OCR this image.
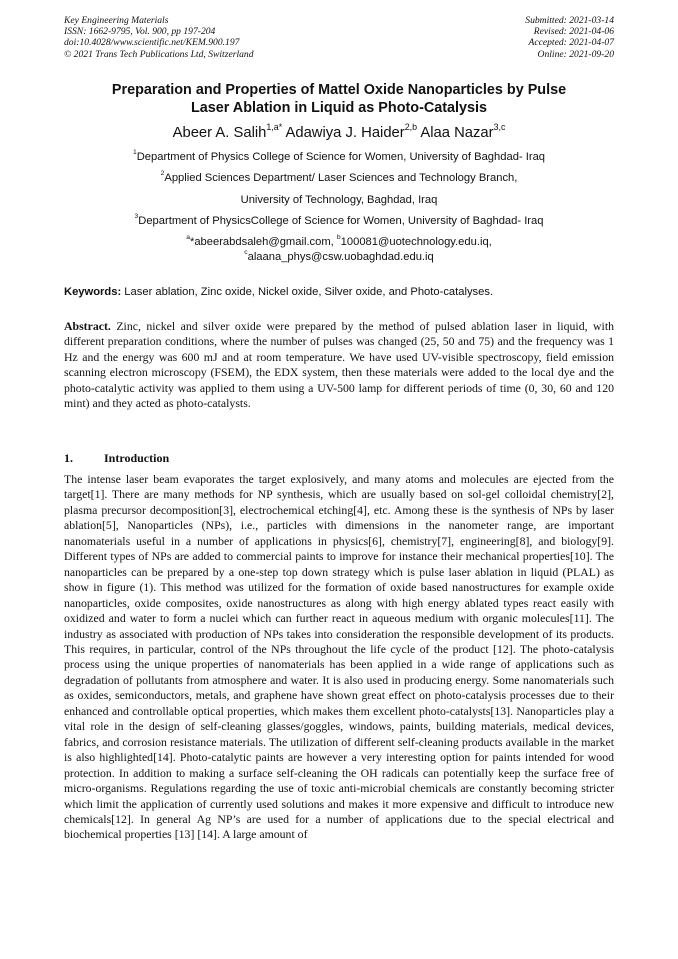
Key Engineering Materials
ISSN: 1662-9795, Vol. 900, pp 197-204
doi:10.4028/www.scientific.net/KEM.900.197
© 2021 Trans Tech Publications Ltd, Switzerland
Submitted: 2021-03-14
Revised: 2021-04-06
Accepted: 2021-04-07
Online: 2021-09-20
Preparation and Properties of Mattel Oxide Nanoparticles by Pulse
Laser Ablation in Liquid as Photo-Catalysis
Abeer A. Salih$^{1,a*}$ Adawiya J. Haider$^{2,b}$ Alaa Nazar$^{3,c}$
$^1$Department of Physics College of Science for Women, University of Baghdad- Iraq
$^2$Applied Sciences Department/ Laser Sciences and Technology Branch,
University of Technology, Baghdad, Iraq
$^3$Department of PhysicsCollege of Science for Women, University of Baghdad- Iraq
$^a$*abeerabdsaleh@gmail.com, $^b$100081@uotechnology.edu.iq,
$^c$alaana_phys@csw.uobaghdad.edu.iq
Keywords: Laser ablation, Zinc oxide, Nickel oxide, Silver oxide, and Photo-catalyses.
Abstract. Zinc, nickel and silver oxide were prepared by the method of pulsed ablation laser in liquid, with different preparation conditions, where the number of pulses was changed (25, 50 and 75) and the frequency was 1 Hz and the energy was 600 mJ and at room temperature. We have used UV-visible spectroscopy, field emission scanning electron microscopy (FSEM), the EDX system, then these materials were added to the local dye and the photo-catalytic activity was applied to them using a UV-500 lamp for different periods of time (0, 30, 60 and 120 mint) and they acted as photo-catalysts.
1.	Introduction
The intense laser beam evaporates the target explosively, and many atoms and molecules are ejected from the target[1]. There are many methods for NP synthesis, which are usually based on sol-gel colloidal chemistry[2], plasma precursor decomposition[3], electrochemical etching[4], etc. Among these is the synthesis of NPs by laser ablation[5], Nanoparticles (NPs), i.e., particles with dimensions in the nanometer range, are important nanomaterials useful in a number of applications in physics[6], chemistry[7], engineering[8], and biology[9]. Different types of NPs are added to commercial paints to improve for instance their mechanical properties[10]. The nanoparticles can be prepared by a one-step top down strategy which is pulse laser ablation in liquid (PLAL) as show in figure (1). This method was utilized for the formation of oxide based nanostructures for example oxide nanoparticles, oxide composites, oxide nanostructures as along with high energy ablated types react easily with oxidized and water to form a nuclei which can further react in aqueous medium with organic molecules[11]. The industry as associated with production of NPs takes into consideration the responsible development of its products. This requires, in particular, control of the NPs throughout the life cycle of the product [12]. The photo-catalysis process using the unique properties of nanomaterials has been applied in a wide range of applications such as degradation of pollutants from atmosphere and water. It is also used in producing energy. Some nanomaterials such as oxides, semiconductors, metals, and graphene have shown great effect on photo-catalysis processes due to their enhanced and controllable optical properties, which makes them excellent photo-catalysts[13]. Nanoparticles play a vital role in the design of self-cleaning glasses/goggles, windows, paints, building materials, medical devices, fabrics, and corrosion resistance materials. The utilization of different self-cleaning products available in the market is also highlighted[14]. Photo-catalytic paints are however a very interesting option for paints intended for wood protection. In addition to making a surface self-cleaning the OH radicals can potentially keep the surface free of micro-organisms. Regulations regarding the use of toxic anti-microbial chemicals are constantly becoming stricter which limit the application of currently used solutions and makes it more expensive and difficult to introduce new chemicals[12]. In general Ag NP’s are used for a number of applications due to the special electrical and biochemical properties [13] [14]. A large amount of
